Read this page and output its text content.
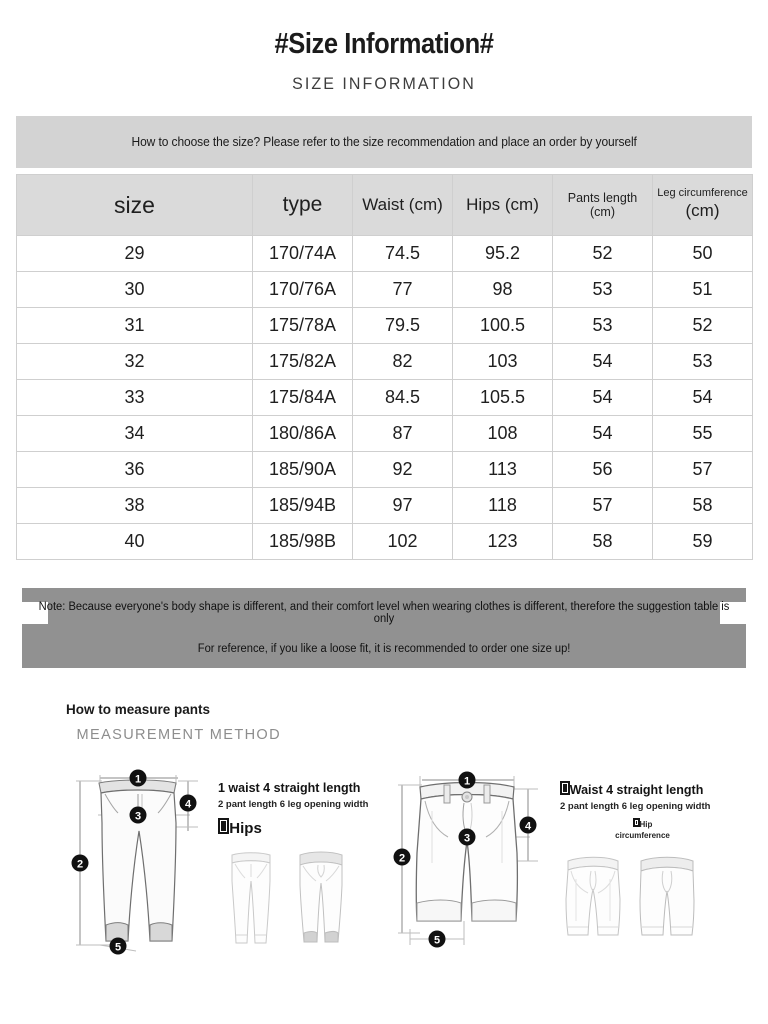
#Size Information#
SIZE INFORMATION
How to choose the size? Please refer to the size recommendation and place an order by yourself
size	type	Waist (cm)	Hips (cm)	Pants length (cm)	Leg circumference
(cm)

29	170/74A	74.5	95.2	52	50
30	170/76A	77	98	53	51
31	175/78A	79.5	100.5	53	52
32	175/82A	82	103	54	53
33	175/84A	84.5	105.5	54	54
34	180/86A	87	108	54	55
36	185/90A	92	113	56	57
38	185/94B	97	118	57	58
40	185/98B	102	123	58	59
Note: Because everyone's body shape is different, and their comfort level when wearing clothes is different, therefore the suggestion table is only
For reference, if you like a loose fit, it is recommended to order one size up!
How to measure pants
MEASUREMENT METHOD
1
2
3
4
5
1 waist 4 straight length
2 pant length 6 leg opening width
Hips
1
2
3
4
5
Waist 4 straight length
2 pant length 6 leg opening width
Hip
circumference
